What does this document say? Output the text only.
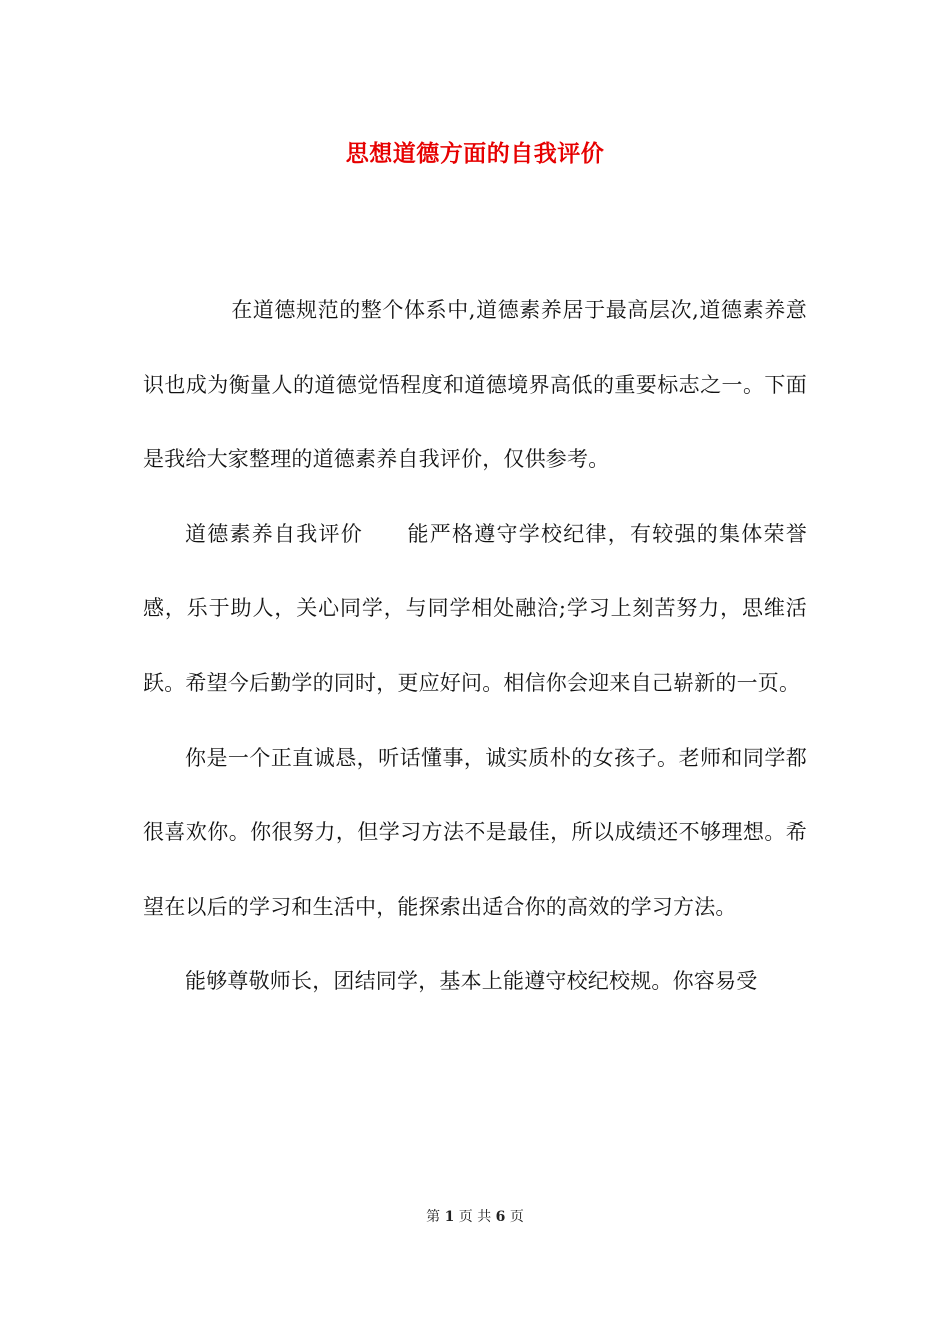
思想道德方面的自我评价

在道德规范的整个体系中,道德素养居于最高层次,道德素养意识也成为衡量人的道德觉悟程度和道德境界高低的重要标志之一。下面是我给大家整理的道德素养自我评价，仅供参考。

道德素养自我评价　　能严格遵守学校纪律，有较强的集体荣誉感，乐于助人，关心同学，与同学相处融洽;学习上刻苦努力，思维活跃。希望今后勤学的同时，更应好问。相信你会迎来自己崭新的一页。

你是一个正直诚恳，听话懂事，诚实质朴的女孩子。老师和同学都很喜欢你。你很努力，但学习方法不是最佳，所以成绩还不够理想。希望在以后的学习和生活中，能探索出适合你的高效的学习方法。

能够尊敬师长，团结同学，基本上能遵守校纪校规。你容易受

第 1 页 共 6 页
